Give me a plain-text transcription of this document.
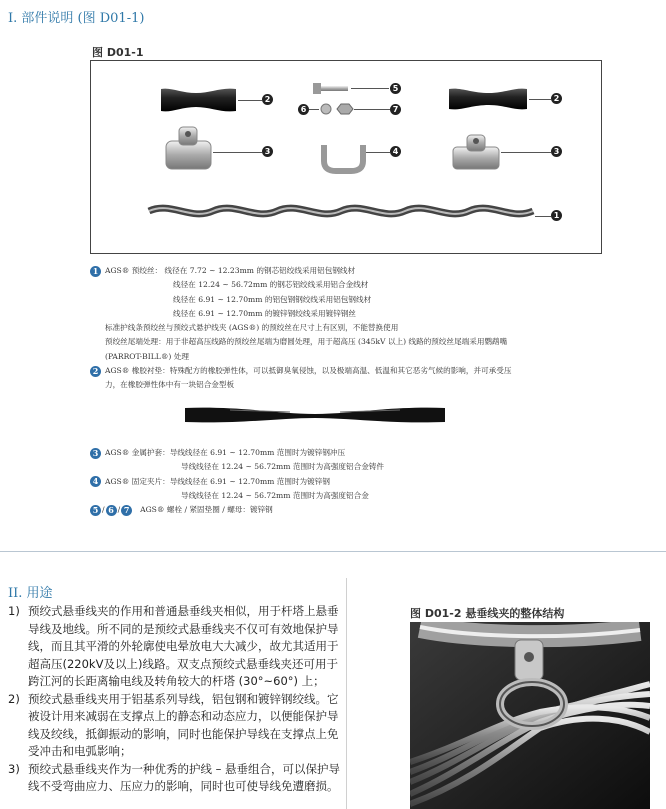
I. 部件说明 (图 D01-1)
图 D01-1
2	2
5
6	7
3	4	3
1
1 AGS® 预绞丝： 线径在 7.72 ~ 12.23mm 的钢芯铝绞线采用铝包钢线材
线径在 12.24 ~ 56.72mm 的钢芯铝绞线采用铝合金线材
线径在 6.91 ~ 12.70mm 的铝包钢钢绞线采用铝包钢线材
线径在 6.91 ~ 12.70mm 的镀锌钢绞线采用镀锌钢丝
标准护线条预绞丝与预绞式悬护线夹 (AGS®) 的预绞丝在尺寸上有区别，不能替换使用
预绞丝尾端处理：用于非超高压线路的预绞丝尾端为磨圆处理，用于超高压 (345kV 以上) 线路的预绞丝尾端采用鹦鹉嘴
(PARROT-BILL®) 处理
2 AGS® 橡胶衬垫：特殊配方的橡胶弹性体，可以抵御臭氧侵蚀，以及极端高温、低温和其它恶劣气候的影响，并可承受压
力，在橡胶弹性体中有一块铝合金型板
3 AGS® 金属护套：导线线径在 6.91 ~ 12.70mm 范围时为镀锌钢冲压
导线线径在 12.24 ~ 56.72mm 范围时为高强度铝合金铸件
4 AGS® 固定夹片：导线线径在 6.91 ~ 12.70mm 范围时为镀锌钢
导线线径在 12.24 ~ 56.72mm 范围时为高强度铝合金
5 / 6 / 7 AGS® 螺栓 / 紧固垫圈 / 螺母：镀锌钢
II. 用途
1) 预绞式悬垂线夹的作用和普通悬垂线夹相似，用于杆塔上悬垂
导线及地线。所不同的是预绞式悬垂线夹不仅可有效地保护导
线，而且其平滑的外轮廓使电晕放电大大减少，故尤其适用于
超高压(220kV及以上)线路。双支点预绞式悬垂线夹还可用于
跨江河的长距离输电线及转角较大的杆塔 (30°~60°) 上；
2) 预绞式悬垂线夹用于铝基系列导线，铝包钢和镀锌钢绞线。它
被设计用来减弱在支撑点上的静态和动态应力，以便能保护导
线及绞线，抵御振动的影响，同时也能保护导线在支撑点上免
受冲击和电弧影响；
3) 预绞式悬垂线夹作为一种优秀的护线 – 悬垂组合，可以保护导
线不受弯曲应力、压应力的影响，同时也可使导线免遭磨损。
图 D01-2 悬垂线夹的整体结构
